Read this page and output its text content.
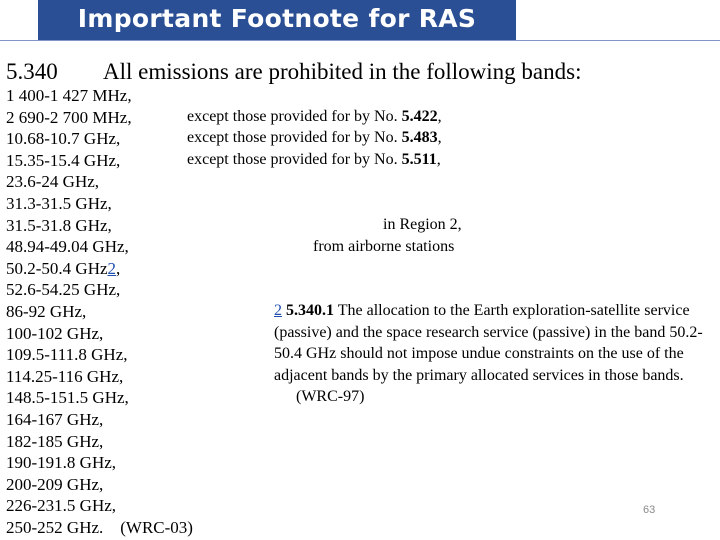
Important Footnote for RAS
5.340 All emissions are prohibited in the following bands:
1 400-1 427 MHz,
2 690-2 700 MHz,
10.68-10.7 GHz,
15.35-15.4 GHz,
23.6-24 GHz,
31.3-31.5 GHz,
31.5-31.8 GHz,
48.94-49.04 GHz,
50.2-50.4 GHz2,
52.6-54.25 GHz,
86-92 GHz,
100-102 GHz,
109.5-111.8 GHz,
114.25-116 GHz,
148.5-151.5 GHz,
164-167 GHz,
182-185 GHz,
190-191.8 GHz,
200-209 GHz,
226-231.5 GHz,
250-252 GHz. (WRC-03)
except those provided for by No. 5.422,
except those provided for by No. 5.483,
except those provided for by No. 5.511,
in Region 2,
from airborne stations
2 5.340.1 The allocation to the Earth exploration-satellite service (passive) and the space research service (passive) in the band 50.2-50.4 GHz should not impose undue constraints on the use of the adjacent bands by the primary allocated services in those bands.(WRC-97)
63
